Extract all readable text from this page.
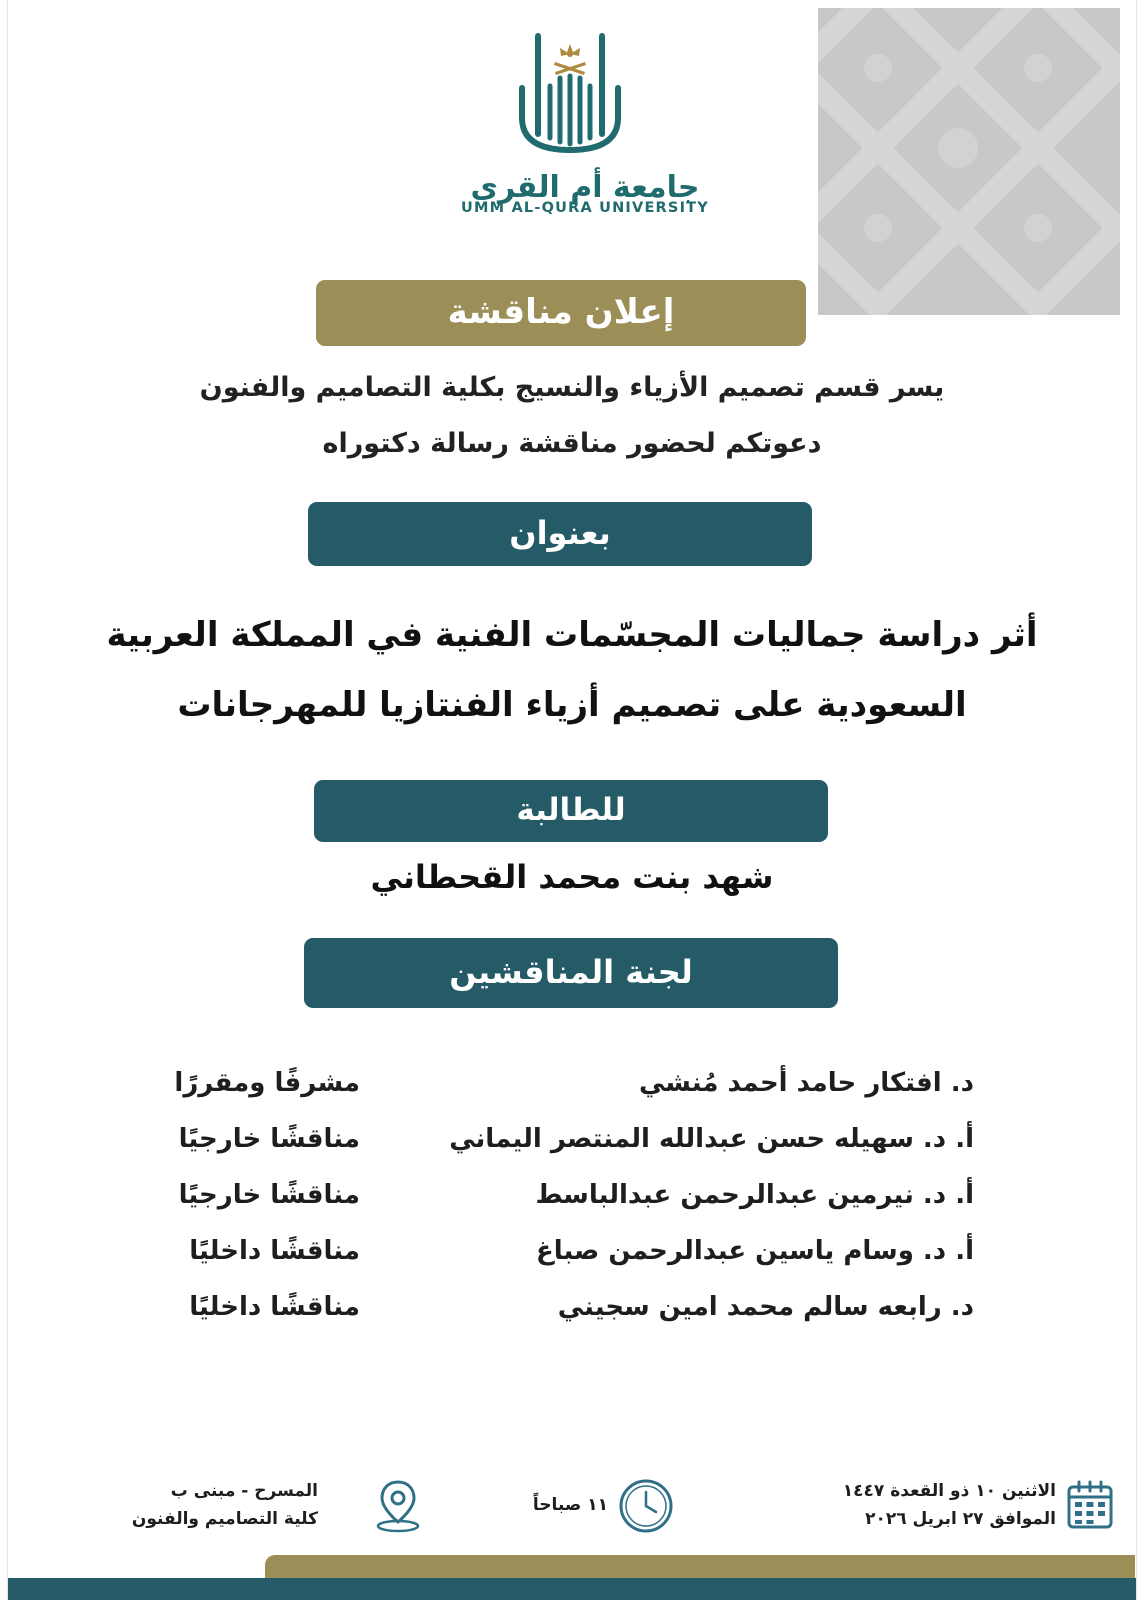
جامعة أم القرى
UMM AL-QURA UNIVERSITY
إعلان مناقشة
يسر قسم تصميم الأزياء والنسيج بكلية التصاميم والفنون
دعوتكم لحضور مناقشة رسالة دكتوراه
بعنوان
أثر دراسة جماليات المجسّمات الفنية في المملكة العربية
السعودية على تصميم أزياء الفنتازيا للمهرجانات
للطالبة
شهد بنت محمد القحطاني
لجنة المناقشين
د. افتكار حامد أحمد مُنشي
مشرفًا ومقررًا
أ. د. سهيله حسن عبدالله المنتصر اليماني
مناقشًا خارجيًا
أ. د. نيرمين عبدالرحمن عبدالباسط
مناقشًا خارجيًا
أ. د. وسام ياسين عبدالرحمن صباغ
مناقشًا داخليًا
د. رابعه سالم محمد امين سجيني
مناقشًا داخليًا
الاثنين ١٠ ذو القعدة ١٤٤٧
الموافق ٢٧ ابريل ٢٠٢٦
١١ صباحاً
المسرح - مبنى ب
كلية التصاميم والفنون
